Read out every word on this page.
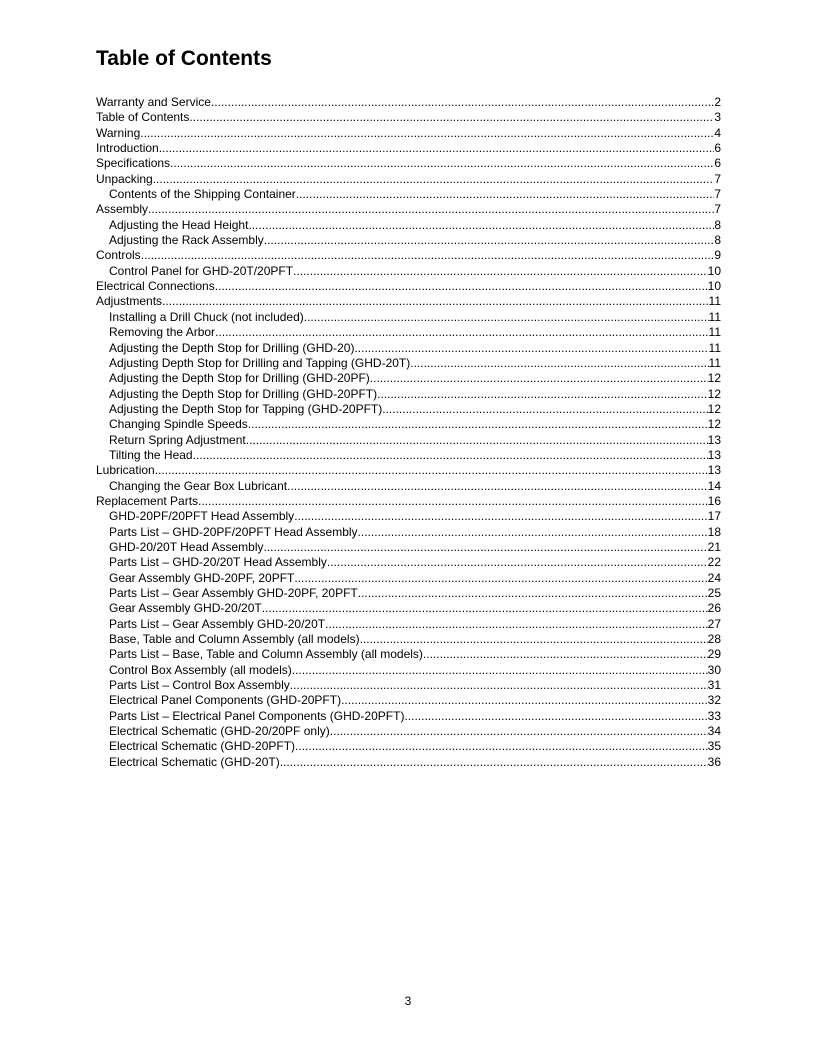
Table of Contents
Warranty and Service .....	2
Table of Contents .....	3
Warning .....	4
Introduction .....	6
Specifications .....	6
Unpacking .....	7
Contents of the Shipping Container .....	7
Assembly .....	7
Adjusting the Head Height .....	8
Adjusting the Rack Assembly .....	8
Controls .....	9
Control Panel for GHD-20T/20PFT .....	10
Electrical Connections .....	10
Adjustments .....	11
Installing a Drill Chuck (not included) .....	11
Removing the Arbor .....	11
Adjusting the Depth Stop for Drilling (GHD-20) .....	11
Adjusting Depth Stop for Drilling and Tapping (GHD-20T) .....	11
Adjusting the Depth Stop for Drilling (GHD-20PF) .....	12
Adjusting the Depth Stop for Drilling (GHD-20PFT) .....	12
Adjusting the Depth Stop for Tapping (GHD-20PFT) .....	12
Changing Spindle Speeds .....	12
Return Spring Adjustment .....	13
Tilting the Head .....	13
Lubrication .....	13
Changing the Gear Box Lubricant .....	14
Replacement Parts .....	16
GHD-20PF/20PFT Head Assembly .....	17
Parts List – GHD-20PF/20PFT Head Assembly .....	18
GHD-20/20T Head Assembly .....	21
Parts List – GHD-20/20T Head Assembly .....	22
Gear Assembly GHD-20PF, 20PFT .....	24
Parts List – Gear Assembly GHD-20PF, 20PFT .....	25
Gear Assembly GHD-20/20T .....	26
Parts List – Gear Assembly GHD-20/20T .....	27
Base, Table and Column Assembly (all models) .....	28
Parts List – Base, Table and Column Assembly (all models) .....	29
Control Box Assembly (all models) .....	30
Parts List – Control Box Assembly .....	31
Electrical Panel Components (GHD-20PFT) .....	32
Parts List – Electrical Panel Components (GHD-20PFT) .....	33
Electrical Schematic (GHD-20/20PF only) .....	34
Electrical Schematic (GHD-20PFT) .....	35
Electrical Schematic (GHD-20T) .....	36
3
